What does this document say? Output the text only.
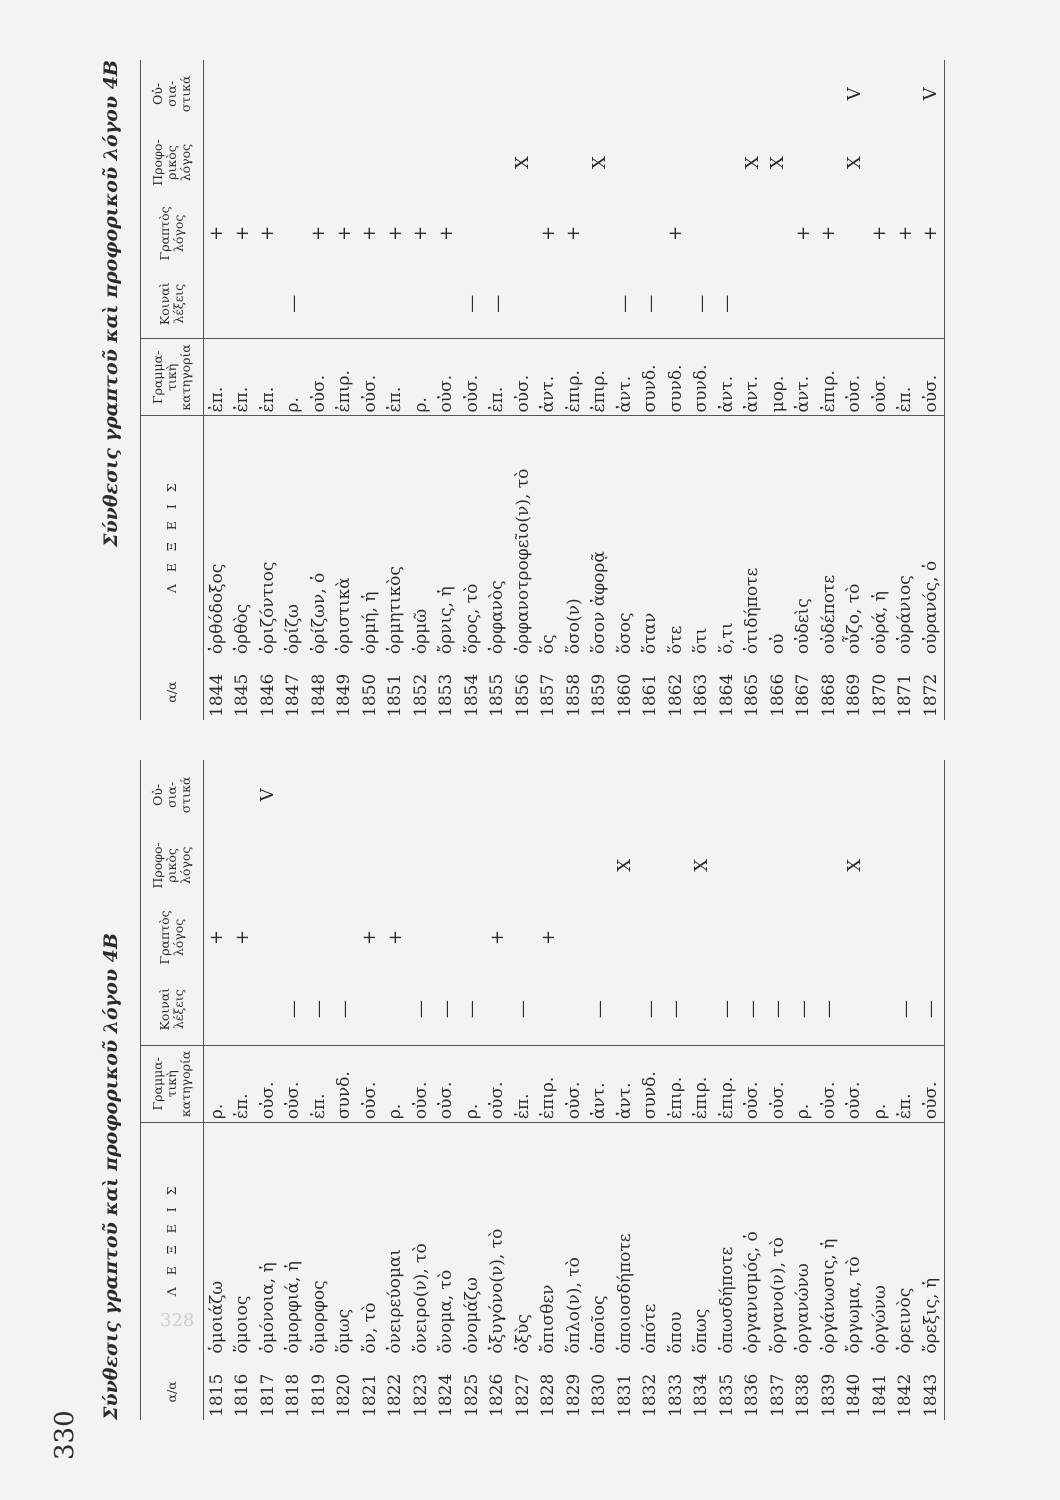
328
330
Σύνθεσις γραπτοῦ καὶ προφορικοῦ λόγου 4Β	α/α	Λ Ε Ξ Ε Ι Σ	Γραμμα-
τικὴ
κατηγορία	Κοιναὶ
λέξεις	Γραπτὸς
λόγος	Προφο-
ρικὸς
λόγος	Οὐ-
σια-
στικά
1815	ὁμοιάζω	ρ.		+		
1816	ὅμοιος	ἐπ.		+		
1817	ὁμόνοια, ἡ	οὐσ.				V
1818	ὁμορφιά, ἡ	οὐσ.	—			
1819	ὄμορφος	ἐπ.	—			
1820	ὅμως	συνδ.	—			
1821	ὄν, τὸ	οὐσ.		+		
1822	ὀνειρεύομαι	ρ.		+		
1823	ὄνειρο(ν), τὸ	οὐσ.	—			
1824	ὄνομα, τὸ	οὐσ.	—			
1825	ὀνομάζω	ρ.	—			
1826	ὀξυγόνο(ν), τὸ	οὐσ.		+		
1827	ὀξὺς	ἐπ.	—			
1828	ὄπισθεν	ἐπιρ.		+		
1829	ὅπλο(ν), τὸ	οὐσ.				
1830	ὁποῖος	ἀντ.	—			
1831	ὁποιοσδήποτε	ἀντ.			X	
1832	ὁπότε	συνδ.	—			
1833	ὅπου	ἐπιρ.	—			
1834	ὅπως	ἐπιρ.			X	
1835	ὁπωσδήποτε	ἐπιρ.	—			
1836	ὀργανισμός, ὁ	οὐσ.	—			
1837	ὄργανο(ν), τὸ	οὐσ.	—			
1838	ὀργανώνω	ρ.	—			
1839	ὀργάνωσις, ἡ	οὐσ.	—			
1840	ὄργωμα, τὸ	οὐσ.			X	
1841	ὀργώνω	ρ.				
1842	ὀρεινὸς	ἐπ.	—			
1843	ὄρεξις, ἡ	οὐσ.	—			
Σύνθεσις γραπτοῦ καὶ προφορικοῦ λόγου 4Β
α/α	Λ Ε Ξ Ε Ι Σ	Γραμμα-
τικὴ
κατηγορία	Κοιναὶ
λέξεις	Γραπτὸς
λόγος	Προφο-
ρικὸς
λόγος	Οὐ-
σια-
στικά
1844	ὀρθόδοξος	ἐπ.		+		
1845	ὀρθὸς	ἐπ.		+		
1846	ὁριζόντιος	ἐπ.		+		
1847	ὁρίζω	ρ.	—			
1848	ὁρίζων, ὁ	οὐσ.		+		
1849	ὁριστικὰ	ἐπιρ.		+		
1850	ὁρμή, ἡ	οὐσ.		+		
1851	ὁρμητικὸς	ἐπ.		+		
1852	ὁρμῶ	ρ.		+		
1853	ὄρνις, ἡ	οὐσ.		+		
1854	ὅρος, τὸ	οὐσ.	—			
1855	ὀρφανὸς	ἐπ.	—			
1856	ὀρφανοτροφεῖο(ν), τὸ	οὐσ.			X	
1857	ὅς	ἀντ.		+		
1858	ὅσο(ν)	ἐπιρ.		+		
1859	ὅσον ἀφορᾷ	ἐπιρ.			X	
1860	ὅσος	ἀντ.	—			
1861	ὅταν	συνδ.	—			
1862	ὅτε	συνδ.		+		
1863	ὅτι	συνδ.	—			
1864	ὅ,τι	ἀντ.	—			
1865	ὁτιδήποτε	ἀντ.			X	
1866	οὐ	μορ.			X	
1867	οὐδεὶς	ἀντ.		+		
1868	οὐδέποτε	ἐπιρ.		+		
1869	οὖζο, τὸ	οὐσ.			X	V
1870	οὐρά, ἡ	οὐσ.		+		
1871	οὐράνιος	ἐπ.		+		
1872	οὐρανός, ὁ	οὐσ.		+		V
